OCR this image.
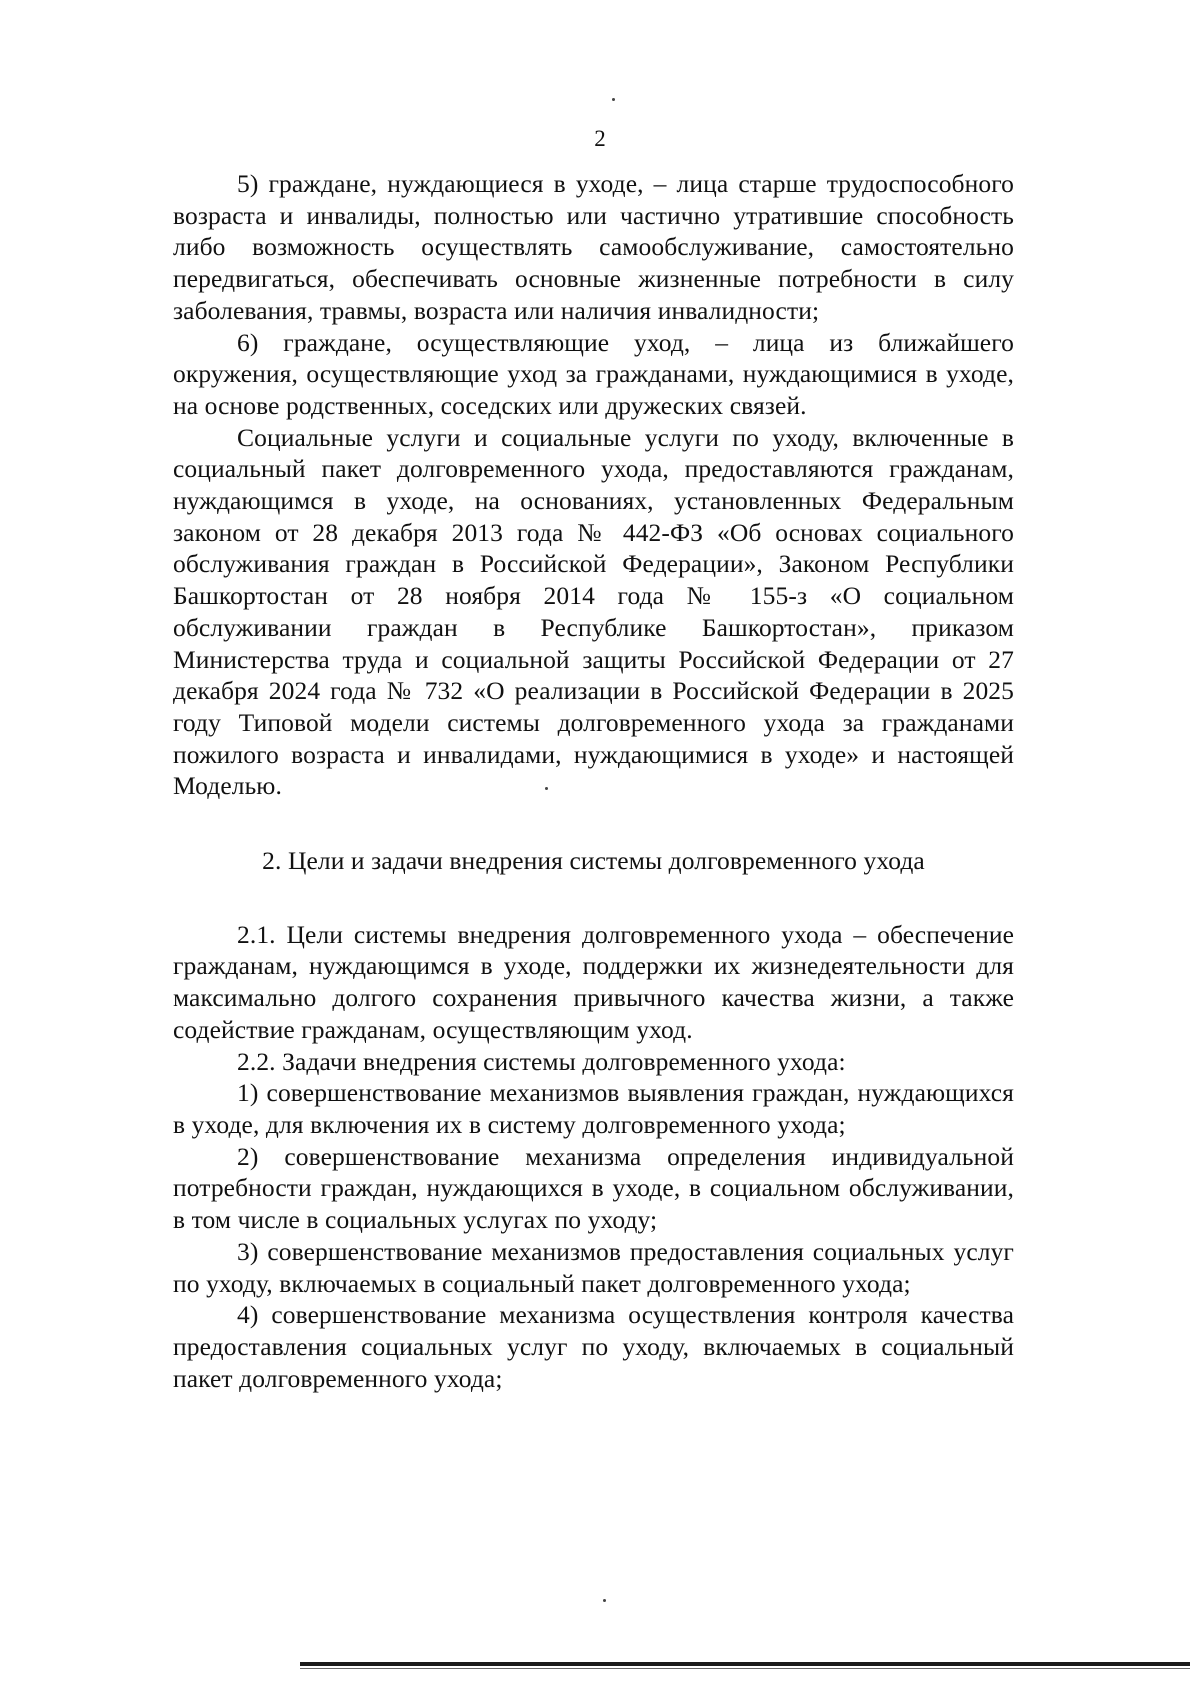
2

5) граждане, нуждающиеся в уходе, – лица старше трудоспособного возраста и инвалиды, полностью или частично утратившие способность либо возможность осуществлять самообслуживание, самостоятельно передвигаться, обеспечивать основные жизненные потребности в силу заболевания, травмы, возраста или наличия инвалидности;

6) граждане, осуществляющие уход, – лица из ближайшего окружения, осуществляющие уход за гражданами, нуждающимися в уходе, на основе родственных, соседских или дружеских связей.

Социальные услуги и социальные услуги по уходу, включенные в социальный пакет долговременного ухода, предоставляются гражданам, нуждающимся в уходе, на основаниях, установленных Федеральным законом от 28 декабря 2013 года № 442-ФЗ «Об основах социального обслуживания граждан в Российской Федерации», Законом Республики Башкортостан от 28 ноября 2014 года № 155-з «О социальном обслуживании граждан в Республике Башкортостан», приказом Министерства труда и социальной защиты Российской Федерации от 27 декабря 2024 года № 732 «О реализации в Российской Федерации в 2025 году Типовой модели системы долговременного ухода за гражданами пожилого возраста и инвалидами, нуждающимися в уходе» и настоящей Моделью.

2. Цели и задачи внедрения системы долговременного ухода

2.1. Цели системы внедрения долговременного ухода – обеспечение гражданам, нуждающимся в уходе, поддержки их жизнедеятельности для максимально долгого сохранения привычного качества жизни, а также содействие гражданам, осуществляющим уход.

2.2. Задачи внедрения системы долговременного ухода:

1) совершенствование механизмов выявления граждан, нуждающихся в уходе, для включения их в систему долговременного ухода;

2) совершенствование механизма определения индивидуальной потребности граждан, нуждающихся в уходе, в социальном обслуживании, в том числе в социальных услугах по уходу;

3) совершенствование механизмов предоставления социальных услуг по уходу, включаемых в социальный пакет долговременного ухода;

4) совершенствование механизма осуществления контроля качества предоставления социальных услуг по уходу, включаемых в социальный пакет долговременного ухода;
